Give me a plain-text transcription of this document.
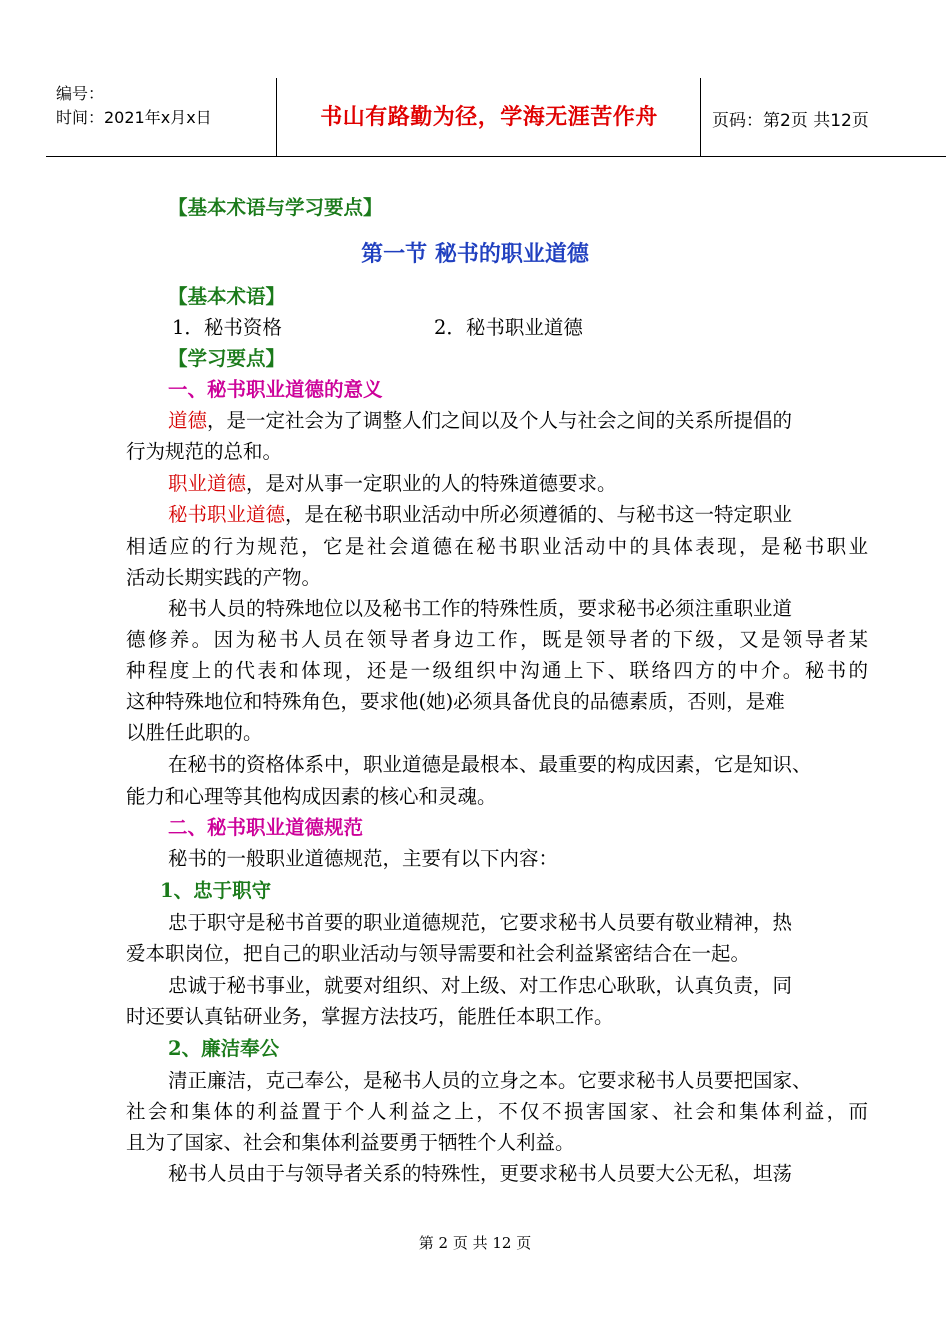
编号：
时间：2021年x月x日	书山有路勤为径，学海无涯苦作舟	页码：第2页 共12页
【基本术语与学习要点】
第一节 秘书的职业道德
【基本术语】
1．秘书资格	2．秘书职业道德
【学习要点】
一、秘书职业道德的意义
道德，是一定社会为了调整人们之间以及个人与社会之间的关系所提倡的
行为规范的总和。
职业道德，是对从事一定职业的人的特殊道德要求。
秘书职业道德，是在秘书职业活动中所必须遵循的、与秘书这一特定职业
相适应的行为规范，它是社会道德在秘书职业活动中的具体表现，是秘书职业
活动长期实践的产物。
秘书人员的特殊地位以及秘书工作的特殊性质，要求秘书必须注重职业道
德修养。因为秘书人员在领导者身边工作，既是领导者的下级，又是领导者某
种程度上的代表和体现，还是一级组织中沟通上下、联络四方的中介。秘书的
这种特殊地位和特殊角色，要求他(她)必须具备优良的品德素质，否则，是难
以胜任此职的。
在秘书的资格体系中，职业道德是最根本、最重要的构成因素，它是知识、
能力和心理等其他构成因素的核心和灵魂。
二、秘书职业道德规范
秘书的一般职业道德规范，主要有以下内容：
1、忠于职守
忠于职守是秘书首要的职业道德规范，它要求秘书人员要有敬业精神，热
爱本职岗位，把自己的职业活动与领导需要和社会利益紧密结合在一起。
忠诚于秘书事业，就要对组织、对上级、对工作忠心耿耿，认真负责，同
时还要认真钻研业务，掌握方法技巧，能胜任本职工作。
2、廉洁奉公
清正廉洁，克己奉公，是秘书人员的立身之本。它要求秘书人员要把国家、
社会和集体的利益置于个人利益之上，不仅不损害国家、社会和集体利益，而
且为了国家、社会和集体利益要勇于牺牲个人利益。
秘书人员由于与领导者关系的特殊性，更要求秘书人员要大公无私，坦荡
第 2 页 共 12 页
